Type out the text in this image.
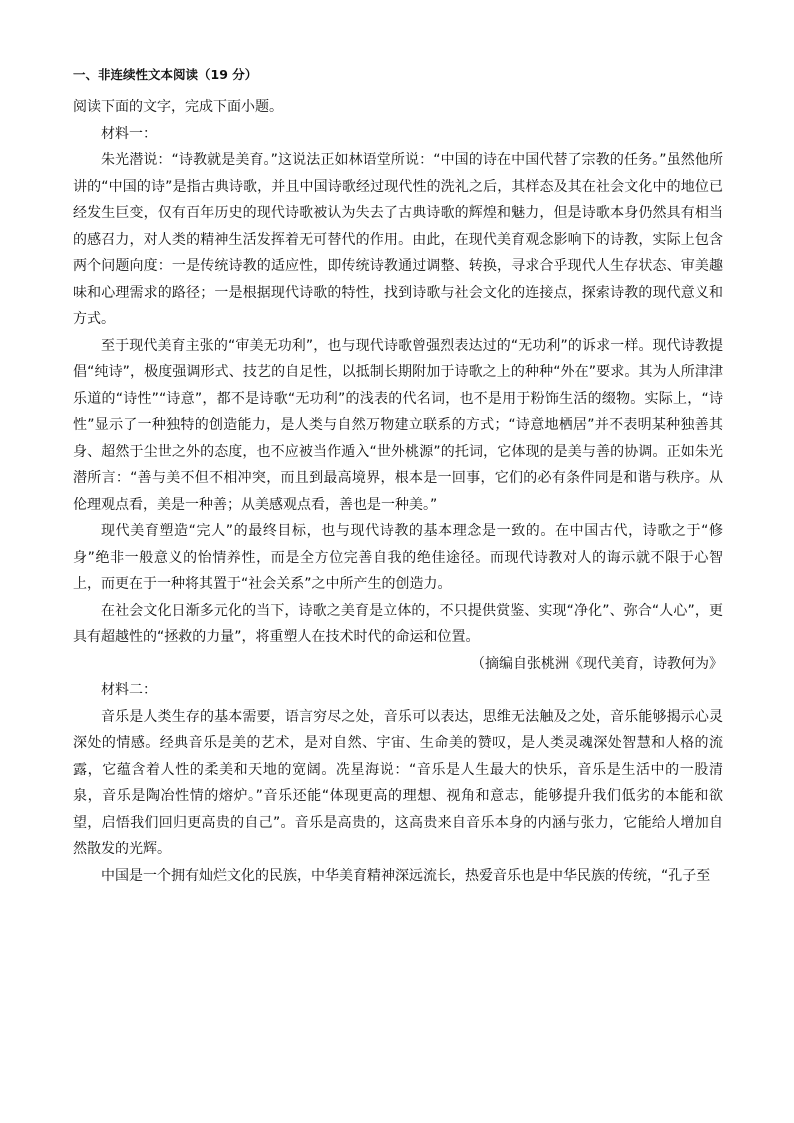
一、非连续性文本阅读（19 分）

阅读下面的文字，完成下面小题。

材料一：

朱光潜说：“诗教就是美育。”这说法正如林语堂所说：“中国的诗在中国代替了宗教的任务。”虽然他所讲的“中国的诗”是指古典诗歌，并且中国诗歌经过现代性的洗礼之后，其样态及其在社会文化中的地位已经发生巨变，仅有百年历史的现代诗歌被认为失去了古典诗歌的辉煌和魅力，但是诗歌本身仍然具有相当的感召力，对人类的精神生活发挥着无可替代的作用。由此，在现代美育观念影响下的诗教，实际上包含两个问题向度：一是传统诗教的适应性，即传统诗教通过调整、转换，寻求合乎现代人生存状态、审美趣味和心理需求的路径；一是根据现代诗歌的特性，找到诗歌与社会文化的连接点，探索诗教的现代意义和方式。

至于现代美育主张的“审美无功利”，也与现代诗歌曾强烈表达过的“无功利”的诉求一样。现代诗教提倡“纯诗”，极度强调形式、技艺的自足性，以抵制长期附加于诗歌之上的种种“外在”要求。其为人所津津乐道的“诗性”“诗意”，都不是诗歌“无功利”的浅表的代名词，也不是用于粉饰生活的缀物。实际上，“诗性”显示了一种独特的创造能力，是人类与自然万物建立联系的方式；“诗意地栖居”并不表明某种独善其身、超然于尘世之外的态度，也不应被当作遁入“世外桃源”的托词，它体现的是美与善的协调。正如朱光潜所言：“善与美不但不相冲突，而且到最高境界，根本是一回事，它们的必有条件同是和谐与秩序。从伦理观点看，美是一种善；从美感观点看，善也是一种美。”

现代美育塑造“完人”的最终目标，也与现代诗教的基本理念是一致的。在中国古代，诗歌之于“修身”绝非一般意义的怡情养性，而是全方位完善自我的绝佳途径。而现代诗教对人的诲示就不限于心智上，而更在于一种将其置于“社会关系”之中所产生的创造力。

在社会文化日渐多元化的当下，诗歌之美育是立体的，不只提供赏鉴、实现“净化”、弥合“人心”，更具有超越性的“拯救的力量”，将重塑人在技术时代的命运和位置。

（摘编自张桃洲《现代美育，诗教何为》

材料二：

音乐是人类生存的基本需要，语言穷尽之处，音乐可以表达，思维无法触及之处，音乐能够揭示心灵深处的情感。经典音乐是美的艺术，是对自然、宇宙、生命美的赞叹，是人类灵魂深处智慧和人格的流露，它蕴含着人性的柔美和天地的宽阔。冼星海说：“音乐是人生最大的快乐，音乐是生活中的一股清泉，音乐是陶冶性情的熔炉。”音乐还能“体现更高的理想、视角和意志，能够提升我们低劣的本能和欲望，启悟我们回归更高贵的自己”。音乐是高贵的，这高贵来自音乐本身的内涵与张力，它能给人增加自然散发的光辉。

中国是一个拥有灿烂文化的民族，中华美育精神深远流长，热爱音乐也是中华民族的传统，“孔子至
